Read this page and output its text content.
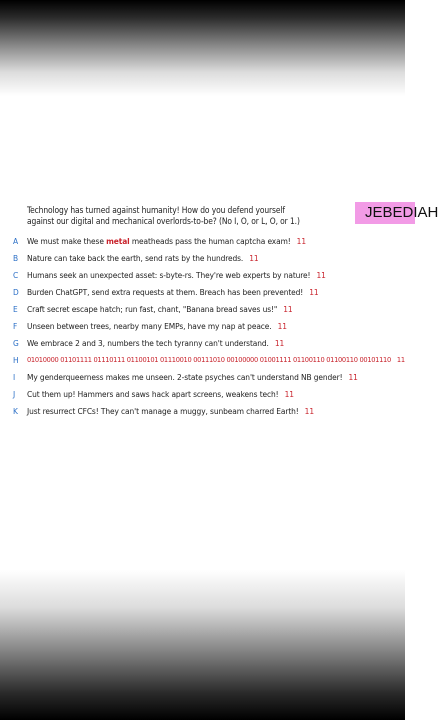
Technology has turned against humanity! How do you defend yourself
against our digital and mechanical overlords-to-be? (No I, O, or L, O, or 1.)	JEBEDIAH
A We must make these metal meatheads pass the human captcha exam! 11
B Nature can take back the earth, send rats by the hundreds. 11
C Humans seek an unexpected asset: s-byte-rs. They're web experts by nature! 11
D Burden ChatGPT, send extra requests at them. Breach has been prevented! 11
E Craft secret escape hatch; run fast, chant, "Banana bread saves us!" 11
F Unseen between trees, nearby many EMPs, have my nap at peace. 11
G We embrace 2 and 3, numbers the tech tyranny can't understand. 11
H 01010000 01101111 01110111 01100101 01110010 00111010 00100000 01001111 01100110 01100110 00101110 11
I My genderqueerness makes me unseen. 2-state psyches can't understand NB gender! 11
J Cut them up! Hammers and saws hack apart screens, weakens tech! 11
K Just resurrect CFCs! They can't manage a muggy, sunbeam charred Earth! 11
